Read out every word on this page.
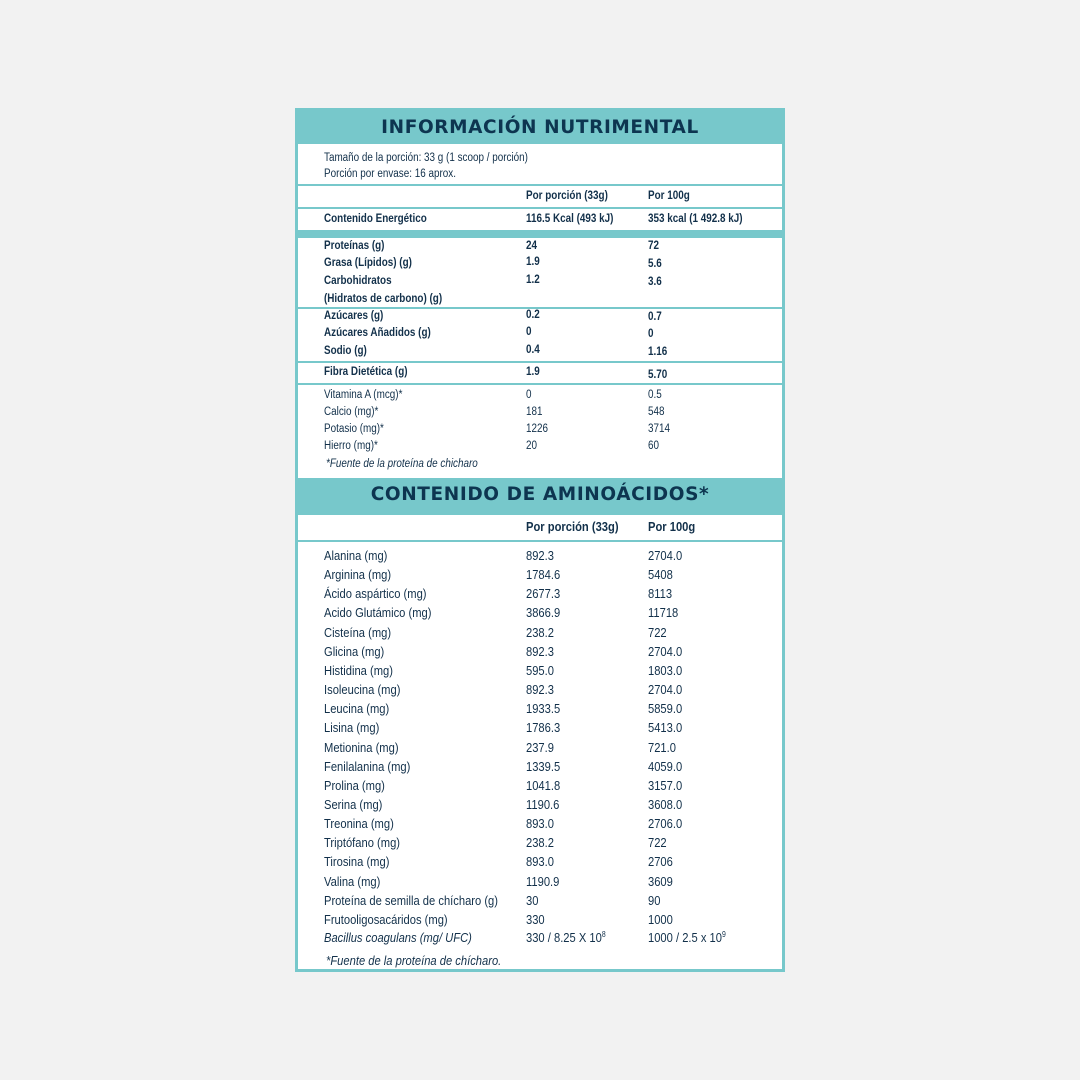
INFORMACIÓN NUTRIMENTAL
Tamaño de la porción: 33 g (1 scoop / porción)
Porción por envase: 16 aprox.
Por porción (33g)	Por 100g
Contenido Energético	116.5 Kcal (493 kJ)	353 kcal (1 492.8 kJ)
Proteínas (g)	24	72
Grasa (Lípidos) (g)	1.9	5.6
Carbohidratos	1.2	3.6
(Hidratos de carbono) (g)
Azúcares (g)	0.2	0.7
Azúcares Añadidos (g)	0	0
Sodio (g)	0.4	1.16
Fibra Dietética (g)	1.9	5.70
Vitamina A (mcg)*	0	0.5
Calcio (mg)*	181	548
Potasio (mg)*	1226	3714
Hierro (mg)*	20	60
*Fuente de la proteína de chicharo
CONTENIDO DE AMINOÁCIDOS*
Por porción (33g) Por 100g
Alanina (mg)	892.3	2704.0
Arginina (mg)	1784.6	5408
Ácido aspártico (mg)	2677.3	8113
Acido Glutámico (mg)	3866.9	11718
Cisteína (mg)	238.2	722
Glicina (mg)	892.3	2704.0
Histidina (mg)	595.0	1803.0
Isoleucina (mg)	892.3	2704.0
Leucina (mg)	1933.5	5859.0
Lisina (mg)	1786.3	5413.0
Metionina (mg)	237.9	721.0
Fenilalanina (mg)	1339.5	4059.0
Prolina (mg)	1041.8	3157.0
Serina (mg)	1190.6	3608.0
Treonina (mg)	893.0	2706.0
Triptófano (mg)	238.2	722
Tirosina (mg)	893.0	2706
Valina (mg)	1190.9	3609
Proteína de semilla de chícharo (g) 30	90
Frutooligosacáridos (mg)	330	1000
Bacillus coagulans (mg/ UFC)	330 / 8.25 X $10^8$	1000 / 2.5 x $10^9$
*Fuente de la proteína de chícharo.
